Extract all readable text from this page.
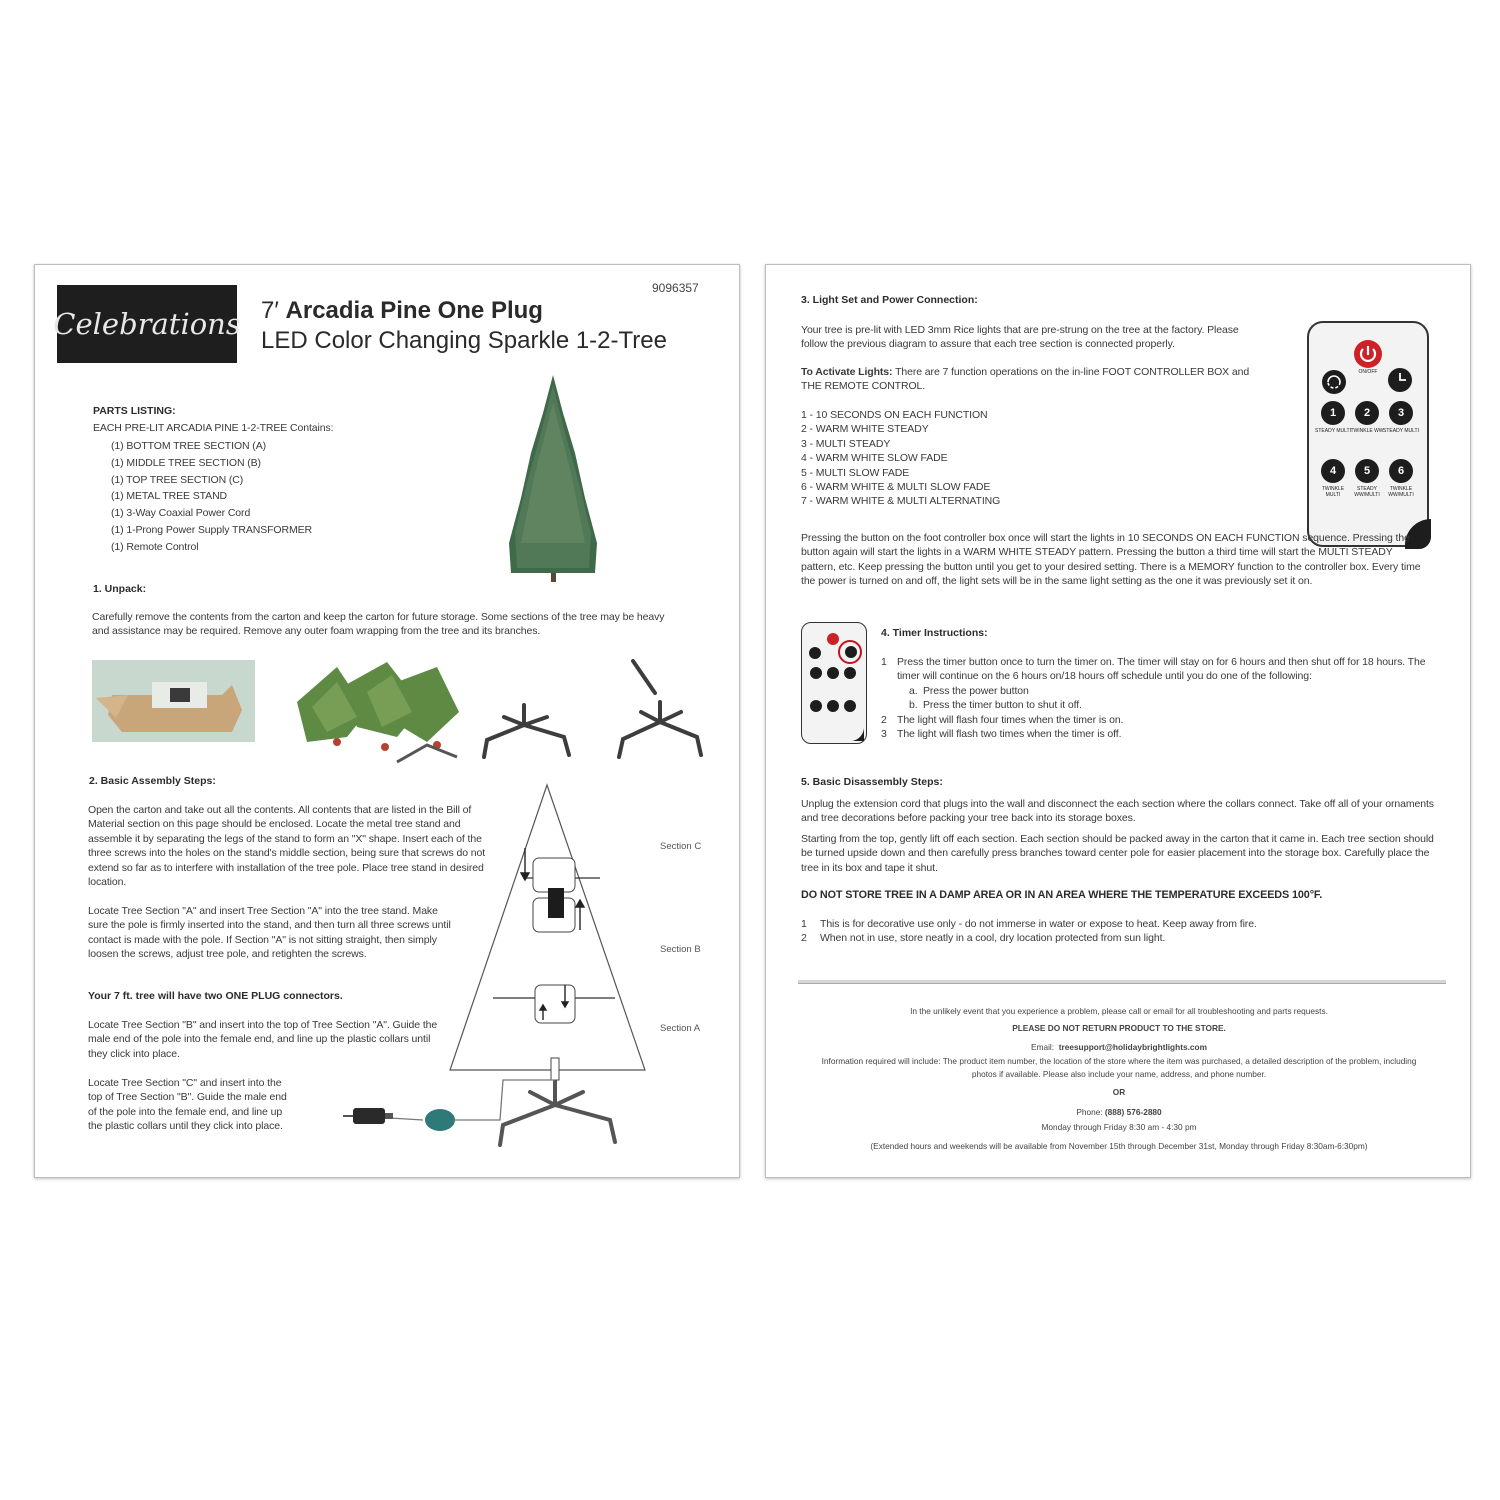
Celebrations
9096357
7′ Arcadia Pine One Plug
LED Color Changing Sparkle 1-2-Tree
PARTS LISTING:
EACH PRE-LIT ARCADIA PINE 1-2-TREE Contains:
(1) BOTTOM TREE SECTION (A)
(1) MIDDLE TREE SECTION (B)
(1) TOP TREE SECTION (C)
(1) METAL TREE STAND
(1) 3-Way Coaxial Power Cord
(1) 1-Prong Power Supply TRANSFORMER
(1) Remote Control
1. Unpack:
Carefully remove the contents from the carton and keep the carton for future storage. Some sections of the tree may be heavy and assistance may be required. Remove any outer foam wrapping from the tree and its branches.
2. Basic Assembly Steps:
Open the carton and take out all the contents. All contents that are listed in the Bill of Material section on this page should be enclosed. Locate the metal tree stand and assemble it by separating the legs of the stand to form an "X" shape. Insert each of the three screws into the holes on the stand's middle section, being sure that screws do not extend so far as to interfere with installation of the tree pole. Place tree stand in desired location.
Locate Tree Section "A" and insert Tree Section "A" into the tree stand. Make sure the pole is firmly inserted into the stand, and then turn all three screws until contact is made with the pole. If Section "A" is not sitting straight, then simply loosen the screws, adjust tree pole, and retighten the screws.
Your 7 ft. tree will have two ONE PLUG connectors.
Locate Tree Section "B" and insert into the top of Tree Section "A". Guide the male end of the pole into the female end, and line up the plastic collars until they click into place.
Locate Tree Section "C" and insert into the top of Tree Section "B". Guide the male end of the pole into the female end, and line up the plastic collars until they click into place.
Section C
Section B
Section A
3. Light Set and Power Connection:
Your tree is pre-lit with LED 3mm Rice lights that are pre-strung on the tree at the factory. Please follow the previous diagram to assure that each tree section is connected properly.
To Activate Lights: There are 7 function operations on the in-line FOOT CONTROLLER BOX and THE REMOTE CONTROL.
1 - 10 SECONDS ON EACH FUNCTION
2 - WARM WHITE STEADY
3 - MULTI STEADY
4 - WARM WHITE SLOW FADE
5 - MULTI SLOW FADE
6 - WARM WHITE & MULTI SLOW FADE
7 - WARM WHITE & MULTI ALTERNATING
ON/OFF
1
STEADY MULTI
2
TWINKLE WW
3
STEADY MULTI
4
TWINKLE MULTI
5
STEADY WW/MULTI
6
TWINKLE WW/MULTI
Pressing the button on the foot controller box once will start the lights in 10 SECONDS ON EACH FUNCTION sequence. Pressing the button again will start the lights in a WARM WHITE STEADY pattern. Pressing the button a third time will start the MULTI STEADY pattern, etc. Keep pressing the button until you get to your desired setting. There is a MEMORY function to the controller box. Every time the power is turned on and off, the light sets will be in the same light setting as the one it was previously set it on.
4. Timer Instructions:
1 Press the timer button once to turn the timer on. The timer will stay on for 6 hours and then shut off for 18 hours. The timer will continue on the 6 hours on/18 hours off schedule until you do one of the following:
a. Press the power button
b. Press the timer button to shut it off.
2 The light will flash four times when the timer is on.
3 The light will flash two times when the timer is off.
5. Basic Disassembly Steps:
Unplug the extension cord that plugs into the wall and disconnect the each section where the collars connect. Take off all of your ornaments and tree decorations before packing your tree back into its storage boxes.
Starting from the top, gently lift off each section. Each section should be packed away in the carton that it came in. Each tree section should be turned upside down and then carefully press branches toward center pole for easier placement into the storage box. Carefully place the tree in its box and tape it shut.
DO NOT STORE TREE IN A DAMP AREA OR IN AN AREA WHERE THE TEMPERATURE EXCEEDS 100°F.
1	This is for decorative use only - do not immerse in water or expose to heat. Keep away from fire.
2	When not in use, store neatly in a cool, dry location protected from sun light.
In the unlikely event that you experience a problem, please call or email for all troubleshooting and parts requests.
PLEASE DO NOT RETURN PRODUCT TO THE STORE.
Email: treesupport@holidaybrightlights.com
Information required will include: The product item number, the location of the store where the item was purchased, a detailed description of the problem, including photos if available. Please also include your name, address, and phone number.
OR
Phone: (888) 576-2880
Monday through Friday 8:30 am - 4:30 pm
(Extended hours and weekends will be available from November 15th through December 31st, Monday through Friday 8:30am-6:30pm)
